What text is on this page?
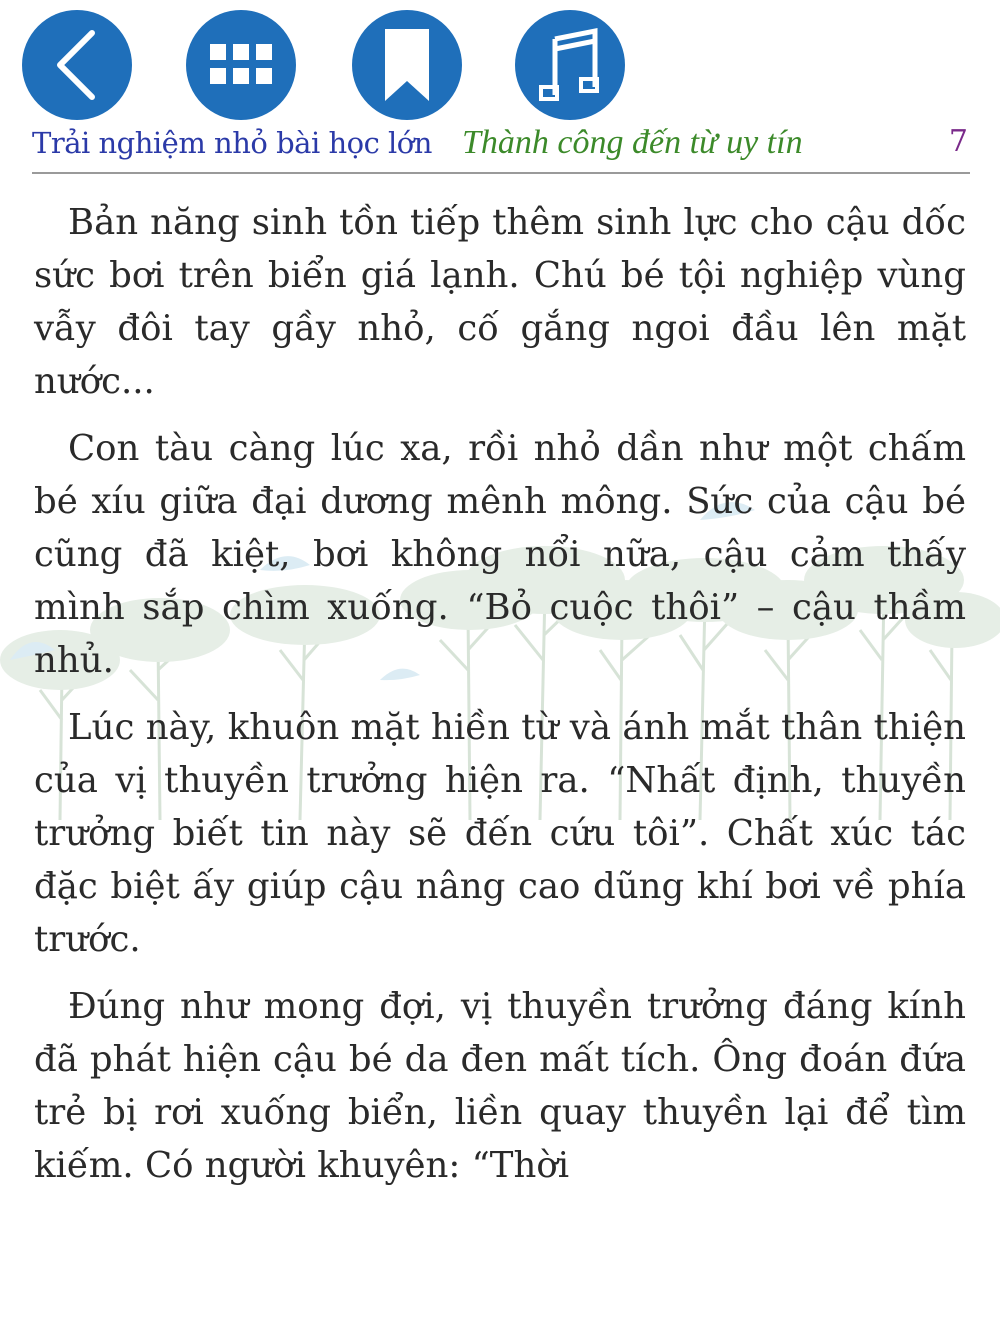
Trải nghiệm nhỏ bài học lớn Thành công đến từ uy tín	7

Bản năng sinh tồn tiếp thêm sinh lực cho cậu dốc sức bơi trên biển giá lạnh. Chú bé tội nghiệp vùng vẫy đôi tay gầy nhỏ, cố gắng ngoi đầu lên mặt nước...

Con tàu càng lúc xa, rồi nhỏ dần như một chấm bé xíu giữa đại dương mênh mông. Sức của cậu bé cũng đã kiệt, bơi không nổi nữa, cậu cảm thấy mình sắp chìm xuống. “Bỏ cuộc thôi” – cậu thầm nhủ.

Lúc này, khuôn mặt hiền từ và ánh mắt thân thiện của vị thuyền trưởng hiện ra. “Nhất định, thuyền trưởng biết tin này sẽ đến cứu tôi”. Chất xúc tác đặc biệt ấy giúp cậu nâng cao dũng khí bơi về phía trước.

Đúng như mong đợi, vị thuyền trưởng đáng kính đã phát hiện cậu bé da đen mất tích. Ông đoán đứa trẻ bị rơi xuống biển, liền quay thuyền lại để tìm kiếm. Có người khuyên: “Thời
